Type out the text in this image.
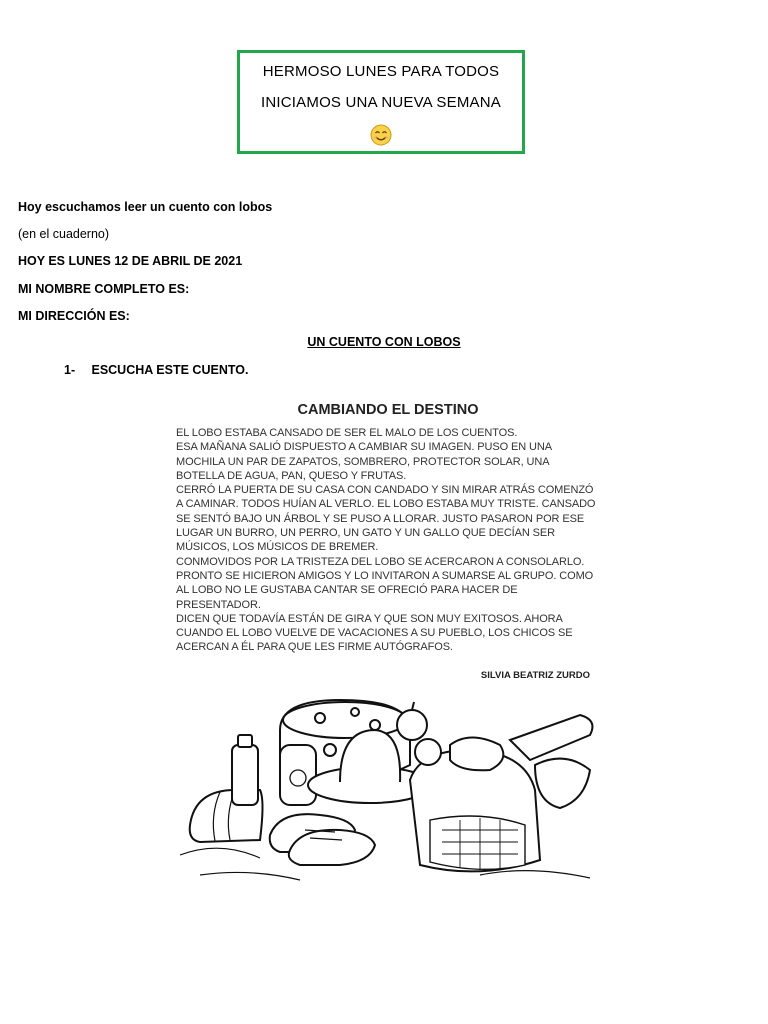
HERMOSO LUNES PARA TODOS
INICIAMOS UNA NUEVA SEMANA
Hoy escuchamos leer un cuento con lobos
(en el cuaderno)
HOY ES LUNES 12 DE ABRIL DE 2021
MI NOMBRE COMPLETO ES:
MI DIRECCIÓN ES:
UN CUENTO CON LOBOS
1- ESCUCHA ESTE CUENTO.
CAMBIANDO EL DESTINO

EL LOBO ESTABA CANSADO DE SER EL MALO DE LOS CUENTOS.
ESA MAÑANA SALIÓ DISPUESTO A CAMBIAR SU IMAGEN. PUSO EN UNA MOCHILA UN PAR DE ZAPATOS, SOMBRERO, PROTECTOR SOLAR, UNA BOTELLA DE AGUA, PAN, QUESO Y FRUTAS.
CERRÓ LA PUERTA DE SU CASA CON CANDADO Y SIN MIRAR ATRÁS COMENZÓ A CAMINAR. TODOS HUÍAN AL VERLO. EL LOBO ESTABA MUY TRISTE. CANSADO SE SENTÓ BAJO UN ÁRBOL Y SE PUSO A LLORAR. JUSTO PASARON POR ESE LUGAR UN BURRO, UN PERRO, UN GATO Y UN GALLO QUE DECÍAN SER MÚSICOS, LOS MÚSICOS DE BREMER.
CONMOVIDOS POR LA TRISTEZA DEL LOBO SE ACERCARON A CONSOLARLO. PRONTO SE HICIERON AMIGOS Y LO INVITARON A SUMARSE AL GRUPO. COMO AL LOBO NO LE GUSTABA CANTAR SE OFRECIÓ PARA HACER DE PRESENTADOR.
DICEN QUE TODAVÍA ESTÁN DE GIRA Y QUE SON MUY EXITOSOS. AHORA CUANDO EL LOBO VUELVE DE VACACIONES A SU PUEBLO, LOS CHICOS SE ACERCAN A ÉL PARA QUE LES FIRME AUTÓGRAFOS.

SILVIA BEATRIZ ZURDO
